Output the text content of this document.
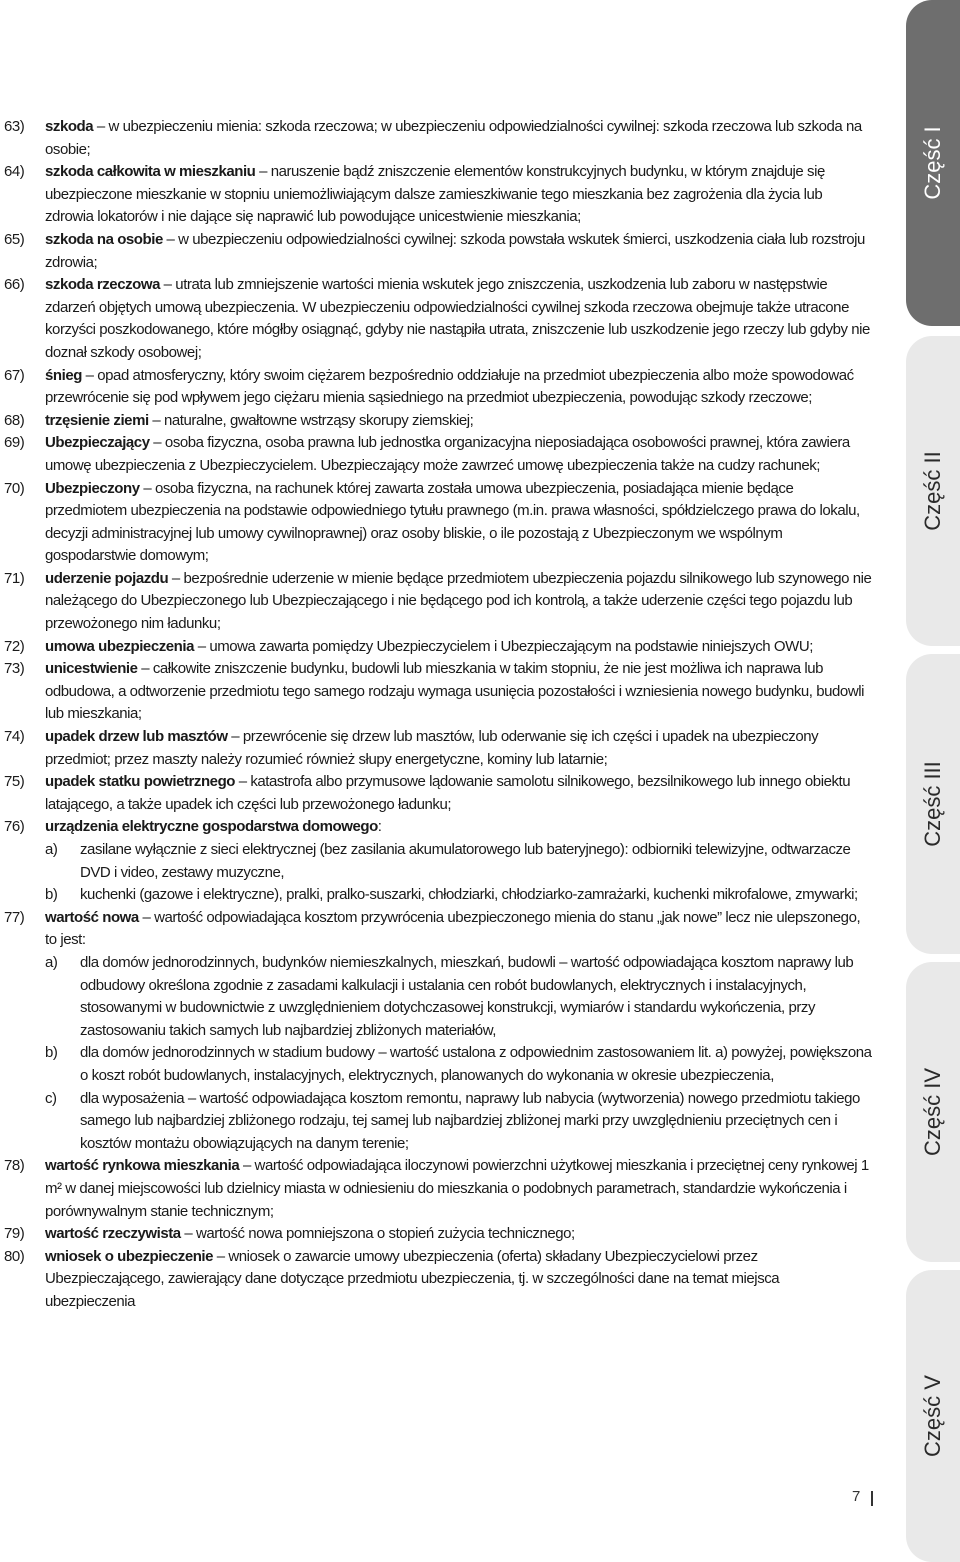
63) szkoda – w ubezpieczeniu mienia: szkoda rzeczowa; w ubezpieczeniu odpowiedzialności cywilnej: szkoda rzeczowa lub szkoda na osobie;
64) szkoda całkowita w mieszkaniu – naruszenie bądź zniszczenie elementów konstrukcyjnych budynku, w którym znajduje się ubezpieczone mieszkanie w stopniu uniemożliwiającym dalsze zamieszkiwanie tego mieszkania bez zagrożenia dla życia lub zdrowia lokatorów i nie dające się naprawić lub powodujące unicestwienie mieszkania;
65) szkoda na osobie – w ubezpieczeniu odpowiedzialności cywilnej: szkoda powstała wskutek śmierci, uszkodzenia ciała lub rozstroju zdrowia;
66) szkoda rzeczowa – utrata lub zmniejszenie wartości mienia wskutek jego zniszczenia, uszkodzenia lub zaboru w następstwie zdarzeń objętych umową ubezpieczenia. W ubezpieczeniu odpowiedzialności cywilnej szkoda rzeczowa obejmuje także utracone korzyści poszkodowanego, które mógłby osiągnąć, gdyby nie nastąpiła utrata, zniszczenie lub uszkodzenie jego rzeczy lub gdyby nie doznał szkody osobowej;
67) śnieg – opad atmosferyczny, który swoim ciężarem bezpośrednio oddziałuje na przedmiot ubezpieczenia albo może spowodować przewrócenie się pod wpływem jego ciężaru mienia sąsiedniego na przedmiot ubezpieczenia, powodując szkody rzeczowe;
68) trzęsienie ziemi – naturalne, gwałtowne wstrząsy skorupy ziemskiej;
69) Ubezpieczający – osoba fizyczna, osoba prawna lub jednostka organizacyjna nieposiadająca osobowości prawnej, która zawiera umowę ubezpieczenia z Ubezpieczycielem. Ubezpieczający może zawrzeć umowę ubezpieczenia także na cudzy rachunek;
70) Ubezpieczony – osoba fizyczna, na rachunek której zawarta została umowa ubezpieczenia, posiadająca mienie będące przedmiotem ubezpieczenia na podstawie odpowiedniego tytułu prawnego (m.in. prawa własności, spółdzielczego prawa do lokalu, decyzji administracyjnej lub umowy cywilnoprawnej) oraz osoby bliskie, o ile pozostają z Ubezpieczonym we wspólnym gospodarstwie domowym;
71) uderzenie pojazdu – bezpośrednie uderzenie w mienie będące przedmiotem ubezpieczenia pojazdu silnikowego lub szynowego nie należącego do Ubezpieczonego lub Ubezpieczającego i nie będącego pod ich kontrolą, a także uderzenie części tego pojazdu lub przewożonego nim ładunku;
72) umowa ubezpieczenia – umowa zawarta pomiędzy Ubezpieczycielem i Ubezpieczającym na podstawie niniejszych OWU;
73) unicestwienie – całkowite zniszczenie budynku, budowli lub mieszkania w takim stopniu, że nie jest możliwa ich naprawa lub odbudowa, a odtworzenie przedmiotu tego samego rodzaju wymaga usunięcia pozostałości i wzniesienia nowego budynku, budowli lub mieszkania;
74) upadek drzew lub masztów – przewrócenie się drzew lub masztów, lub oderwanie się ich części i upadek na ubezpieczony przedmiot; przez maszty należy rozumieć również słupy energetyczne, kominy lub latarnie;
75) upadek statku powietrznego – katastrofa albo przymusowe lądowanie samolotu silnikowego, bezsilnikowego lub innego obiektu latającego, a także upadek ich części lub przewożonego ładunku;
76) urządzenia elektryczne gospodarstwa domowego:
a) zasilane wyłącznie z sieci elektrycznej (bez zasilania akumulatorowego lub bateryjnego): odbiorniki telewizyjne, odtwarzacze DVD i video, zestawy muzyczne,
b) kuchenki (gazowe i elektryczne), pralki, pralko-suszarki, chłodziarki, chłodziarko-zamrażarki, kuchenki mikrofalowe, zmywarki;
77) wartość nowa – wartość odpowiadająca kosztom przywrócenia ubezpieczonego mienia do stanu „jak nowe” lecz nie ulepszonego, to jest:
a) dla domów jednorodzinnych, budynków niemieszkalnych, mieszkań, budowli – wartość odpowiadająca kosztom naprawy lub odbudowy określona zgodnie z zasadami kalkulacji i ustalania cen robót budowlanych, elektrycznych i instalacyjnych, stosowanymi w budownictwie z uwzględnieniem dotychczasowej konstrukcji, wymiarów i standardu wykończenia, przy zastosowaniu takich samych lub najbardziej zbliżonych materiałów,
b) dla domów jednorodzinnych w stadium budowy – wartość ustalona z odpowiednim zastosowaniem lit. a) powyżej, powiększona o koszt robót budowlanych, instalacyjnych, elektrycznych, planowanych do wykonania w okresie ubezpieczenia,
c) dla wyposażenia – wartość odpowiadająca kosztom remontu, naprawy lub nabycia (wytworzenia) nowego przedmiotu takiego samego lub najbardziej zbliżonego rodzaju, tej samej lub najbardziej zbliżonej marki przy uwzględnieniu przeciętnych cen i kosztów montażu obowiązujących na danym terenie;
78) wartość rynkowa mieszkania – wartość odpowiadająca iloczynowi powierzchni użytkowej mieszkania i przeciętnej ceny rynkowej 1 m² w danej miejscowości lub dzielnicy miasta w odniesieniu do mieszkania o podobnych parametrach, standardzie wykończenia i porównywalnym stanie technicznym;
79) wartość rzeczywista – wartość nowa pomniejszona o stopień zużycia technicznego;
80) wniosek o ubezpieczenie – wniosek o zawarcie umowy ubezpieczenia (oferta) składany Ubezpieczycielowi przez Ubezpieczającego, zawierający dane dotyczące przedmiotu ubezpieczenia, tj. w szczególności dane na temat miejsca ubezpieczenia
Część I
Część II
Część III
Część IV
Część V
7
